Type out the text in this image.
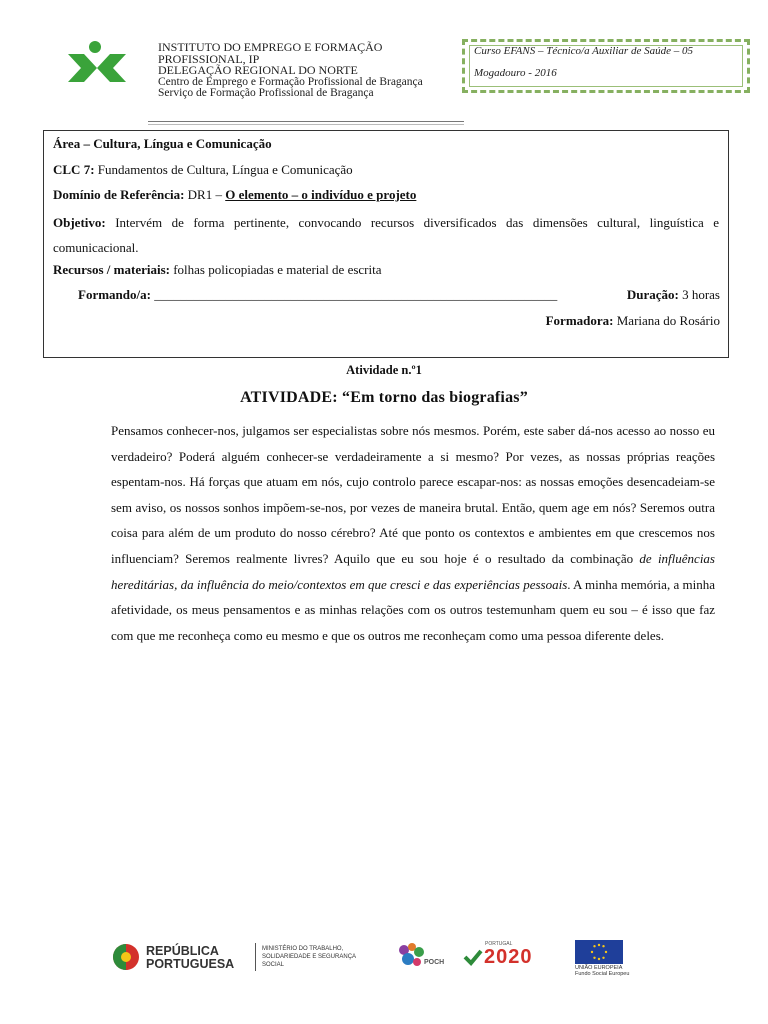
INSTITUTO DO EMPREGO E FORMAÇÃO
PROFISSIONAL, IP
DELEGAÇÃO REGIONAL DO NORTE
Centro de Emprego e Formação Profissional de Bragança
Serviço de Formação Profissional de Bragança
Curso EFANS – Técnico/a Auxiliar de Saúde – 05
Mogadouro - 2016
Área – Cultura, Língua e Comunicação
CLC 7: Fundamentos de Cultura, Língua e Comunicação
Domínio de Referência: DR1 – O elemento – o indivíduo e projeto
Objetivo: Intervém de forma pertinente, convocando recursos diversificados das dimensões cultural, linguística e comunicacional.
Recursos / materiais: folhas policopiadas e material de escrita
Formando/a: ______________________________________________________________	Duração: 3 horas
Formadora: Mariana do Rosário
Atividade n.º1
ATIVIDADE: “Em torno das biografias”
Pensamos conhecer-nos, julgamos ser especialistas sobre nós mesmos. Porém, este saber dá-nos acesso ao nosso eu verdadeiro? Poderá alguém conhecer-se verdadeiramente a si mesmo? Por vezes, as nossas próprias reações espentam-nos. Há forças que atuam em nós, cujo controlo parece escapar-nos: as nossas emoções desencadeiam-se sem aviso, os nossos sonhos impõem-se-nos, por vezes de maneira brutal. Então, quem age em nós? Seremos outra coisa para além de um produto do nosso cérebro? Até que ponto os contextos e ambientes em que crescemos nos influenciam? Seremos realmente livres? Aquilo que eu sou hoje é o resultado da combinação de influências hereditárias, da influência do meio/contextos em que cresci e das experiências pessoais. A minha memória, a minha afetividade, os meus pensamentos e as minhas relações com os outros testemunham quem eu sou – é isso que faz com que me reconheça como eu mesmo e que os outros me reconheçam como uma pessoa diferente deles.
REPÚBLICA
PORTUGUESA
MINISTÉRIO DO TRABALHO,
SOLIDARIEDADE E SEGURANÇA
SOCIAL	POCH
PORTUGAL
2020	UNIÃO EUROPEIA
Fundo Social Europeu
